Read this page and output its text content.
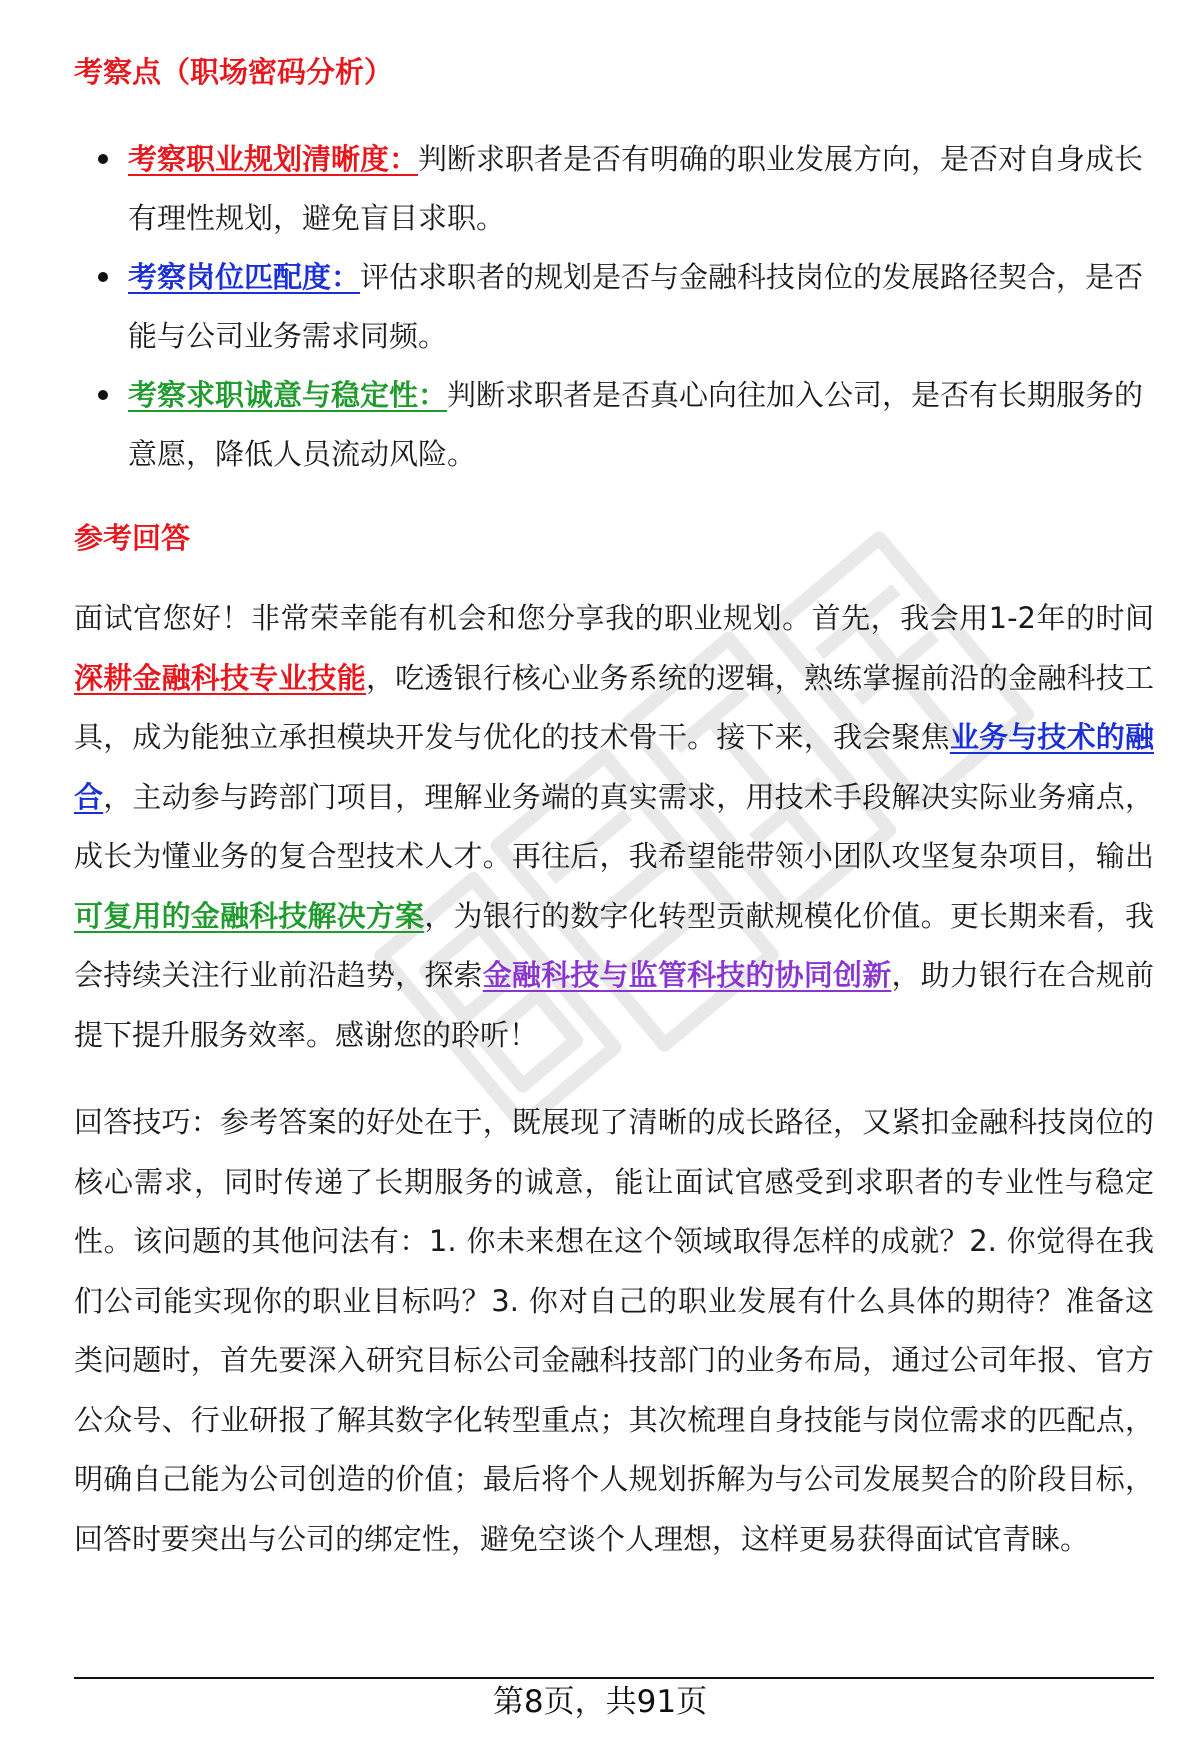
考察点（职场密码分析）
考察职业规划清晰度：判断求职者是否有明确的职业发展方向，是否对自身成长有理性规划，避免盲目求职。
考察岗位匹配度：评估求职者的规划是否与金融科技岗位的发展路径契合，是否能与公司业务需求同频。
考察求职诚意与稳定性：判断求职者是否真心向往加入公司，是否有长期服务的意愿，降低人员流动风险。
参考回答
面试官您好！非常荣幸能有机会和您分享我的职业规划。首先，我会用1-2年的时间深耕金融科技专业技能，吃透银行核心业务系统的逻辑，熟练掌握前沿的金融科技工具，成为能独立承担模块开发与优化的技术骨干。接下来，我会聚焦业务与技术的融合，主动参与跨部门项目，理解业务端的真实需求，用技术手段解决实际业务痛点，成长为懂业务的复合型技术人才。再往后，我希望能带领小团队攻坚复杂项目，输出可复用的金融科技解决方案，为银行的数字化转型贡献规模化价值。更长期来看，我会持续关注行业前沿趋势，探索金融科技与监管科技的协同创新，助力银行在合规前提下提升服务效率。感谢您的聆听！
回答技巧：参考答案的好处在于，既展现了清晰的成长路径，又紧扣金融科技岗位的核心需求，同时传递了长期服务的诚意，能让面试官感受到求职者的专业性与稳定性。该问题的其他问法有：1. 你未来想在这个领域取得怎样的成就？2. 你觉得在我们公司能实现你的职业目标吗？3. 你对自己的职业发展有什么具体的期待？准备这类问题时，首先要深入研究目标公司金融科技部门的业务布局，通过公司年报、官方公众号、行业研报了解其数字化转型重点；其次梳理自身技能与岗位需求的匹配点，明确自己能为公司创造的价值；最后将个人规划拆解为与公司发展契合的阶段目标，回答时要突出与公司的绑定性，避免空谈个人理想，这样更易获得面试官青睐。
第8页，共91页
